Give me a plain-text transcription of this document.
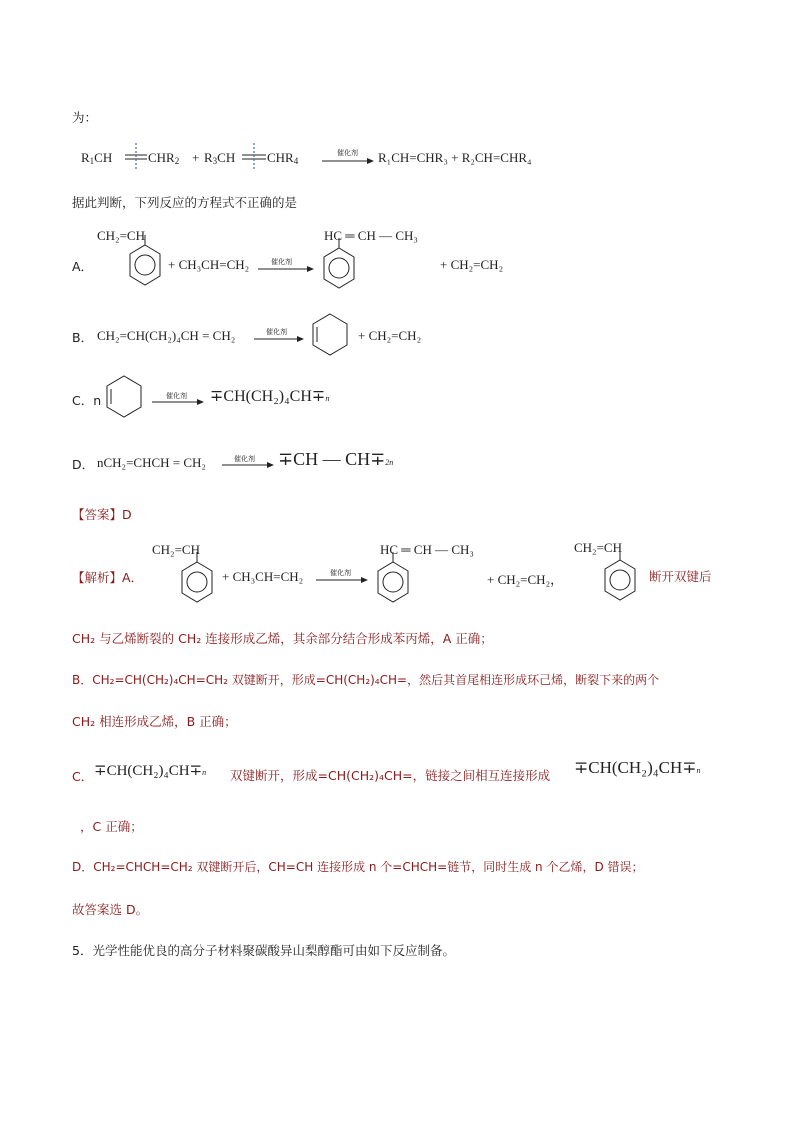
为：
$R_1CH$	$CHR_2 + R_3CH$ $CHR_4$
催化剂 → R₁CH=CHR₃ + R₂CH=CHR₄
据此判断，下列反应的方程式不正确的是
A．
CH₂=CH
+ CH₃CH=CH₂	催化剂
HC ═ CH — CH₃
+ CH₂=CH₂
B． CH₂=CH(CH₂)₄CH = CH₂	催化剂	+ CH₂=CH₂
C．n	催化剂 ∓CH(CH₂)₄CH∓n
D． nCH₂=CHCH = CH₂	催化剂 ∓CH — CH∓2n
【答案】D
【解析】A．
CH₂=CH
+ CH₃CH=CH₂	催化剂
HC ═ CH — CH₃
+ CH₂=CH₂，
CH₂=CH
断开双键后
CH₂ 与乙烯断裂的 CH₂ 连接形成乙烯，其余部分结合形成苯丙烯，A 正确；
B．CH₂=CH(CH₂)₄CH=CH₂ 双键断开，形成=CH(CH₂)₄CH=，然后其首尾相连形成环己烯，断裂下来的两个
CH₂ 相连形成乙烯，B 正确；
C． ∓CH(CH₂)₄CH∓n 双键断开，形成=CH(CH₂)₄CH=，链接之间相互连接形成 ∓CH(CH₂)₄CH∓n
，C 正确；
D．CH₂=CHCH=CH₂ 双键断开后，CH=CH 连接形成 n 个=CHCH=链节，同时生成 n 个乙烯，D 错误；
故答案选 D。
5．光学性能优良的高分子材料聚碳酸异山梨醇酯可由如下反应制备。
